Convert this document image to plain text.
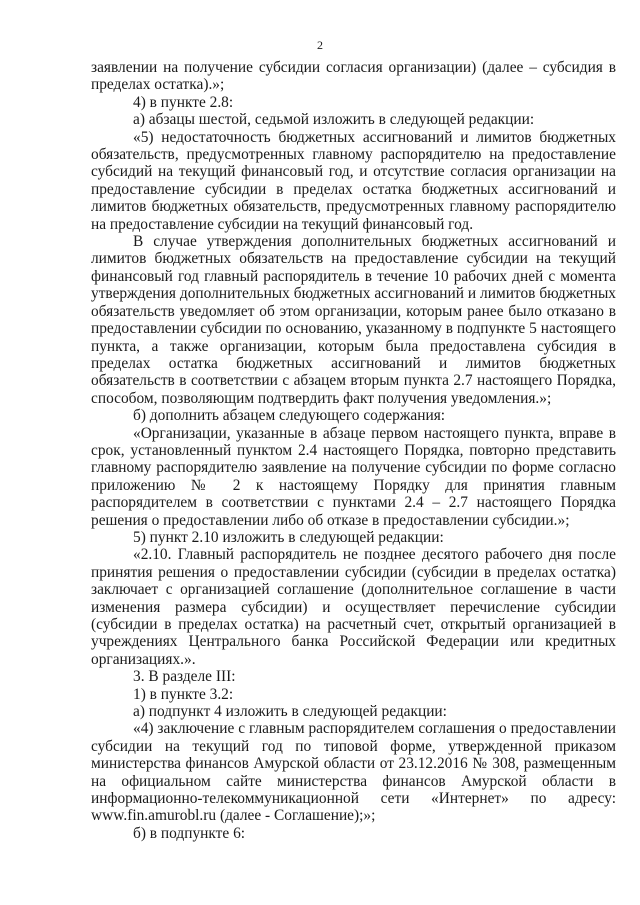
2

заявлении на получение субсидии согласия организации) (далее – субсидия в пределах остатка).»;

4) в пункте 2.8:

а) абзацы шестой, седьмой изложить в следующей редакции:

«5) недостаточность бюджетных ассигнований и лимитов бюджетных обязательств, предусмотренных главному распорядителю на предоставление субсидий на текущий финансовый год, и отсутствие согласия организации на предоставление субсидии в пределах остатка бюджетных ассигнований и лимитов бюджетных обязательств, предусмотренных главному распорядителю на предоставление субсидии на текущий финансовый год.

В случае утверждения дополнительных бюджетных ассигнований и лимитов бюджетных обязательств на предоставление субсидии на текущий финансовый год главный распорядитель в течение 10 рабочих дней с момента утверждения дополнительных бюджетных ассигнований и лимитов бюджетных обязательств уведомляет об этом организации, которым ранее было отказано в предоставлении субсидии по основанию, указанному в подпункте 5 настоящего пункта, а также организации, которым была предоставлена субсидия в пределах остатка бюджетных ассигнований и лимитов бюджетных обязательств в соответствии с абзацем вторым пункта 2.7 настоящего Порядка, способом, позволяющим подтвердить факт получения уведомления.»;

б) дополнить абзацем следующего содержания:

«Организации, указанные в абзаце первом настоящего пункта, вправе в срок, установленный пунктом 2.4 настоящего Порядка, повторно представить главному распорядителю заявление на получение субсидии по форме согласно приложению № 2 к настоящему Порядку для принятия главным распорядителем в соответствии с пунктами 2.4 – 2.7 настоящего Порядка решения о предоставлении либо об отказе в предоставлении субсидии.»;

5) пункт 2.10 изложить в следующей редакции:

«2.10. Главный распорядитель не позднее десятого рабочего дня после принятия решения о предоставлении субсидии (субсидии в пределах остатка) заключает с организацией соглашение (дополнительное соглашение в части изменения размера субсидии) и осуществляет перечисление субсидии (субсидии в пределах остатка) на расчетный счет, открытый организацией в учреждениях Центрального банка Российской Федерации или кредитных организациях.».

3. В разделе III:

1) в пункте 3.2:

а) подпункт 4 изложить в следующей редакции:

«4) заключение с главным распорядителем соглашения о предоставлении субсидии на текущий год по типовой форме, утвержденной приказом министерства финансов Амурской области от 23.12.2016 № 308, размещенным на официальном сайте министерства финансов Амурской области в информационно-телекоммуникационной сети «Интернет» по адресу: www.fin.amurobl.ru (далее - Соглашение);»;

б) в подпункте 6:
